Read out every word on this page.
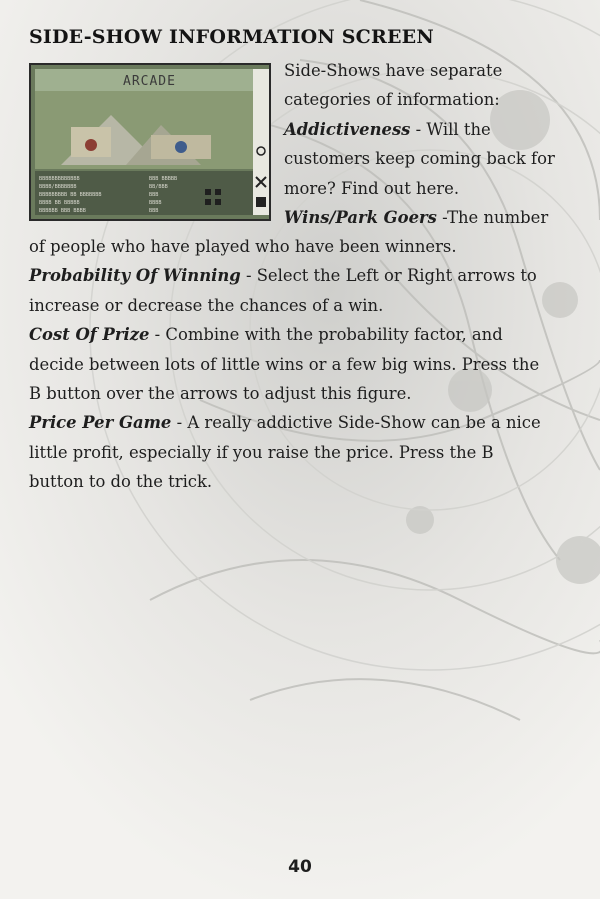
SIDE-SHOW INFORMATION SCREEN
ARCADE
BBBBBBBBBBBBB
BBBB/BBBBBBB
BBBBBBBBB BB BBBBBBB
BBBB BB BBBBB
BBBBBB BBB BBBB
BBB BBBBB
BB/BBB
BBB
BBBB
BBB

Side-Shows have separate
categories of information:
Addictiveness - Will the
customers keep coming back for
more? Find out here.
Wins/Park Goers -The number

of people who have played who have been winners.
Probability Of Winning - Select the Left or Right arrows to
increase or decrease the chances of a win.
Cost Of Prize - Combine with the probability factor, and
decide between lots of little wins or a few big wins. Press the
B button over the arrows to adjust this figure.
Price Per Game - A really addictive Side-Show can be a nice
little profit, especially if you raise the price. Press the B
button to do the trick.

40
